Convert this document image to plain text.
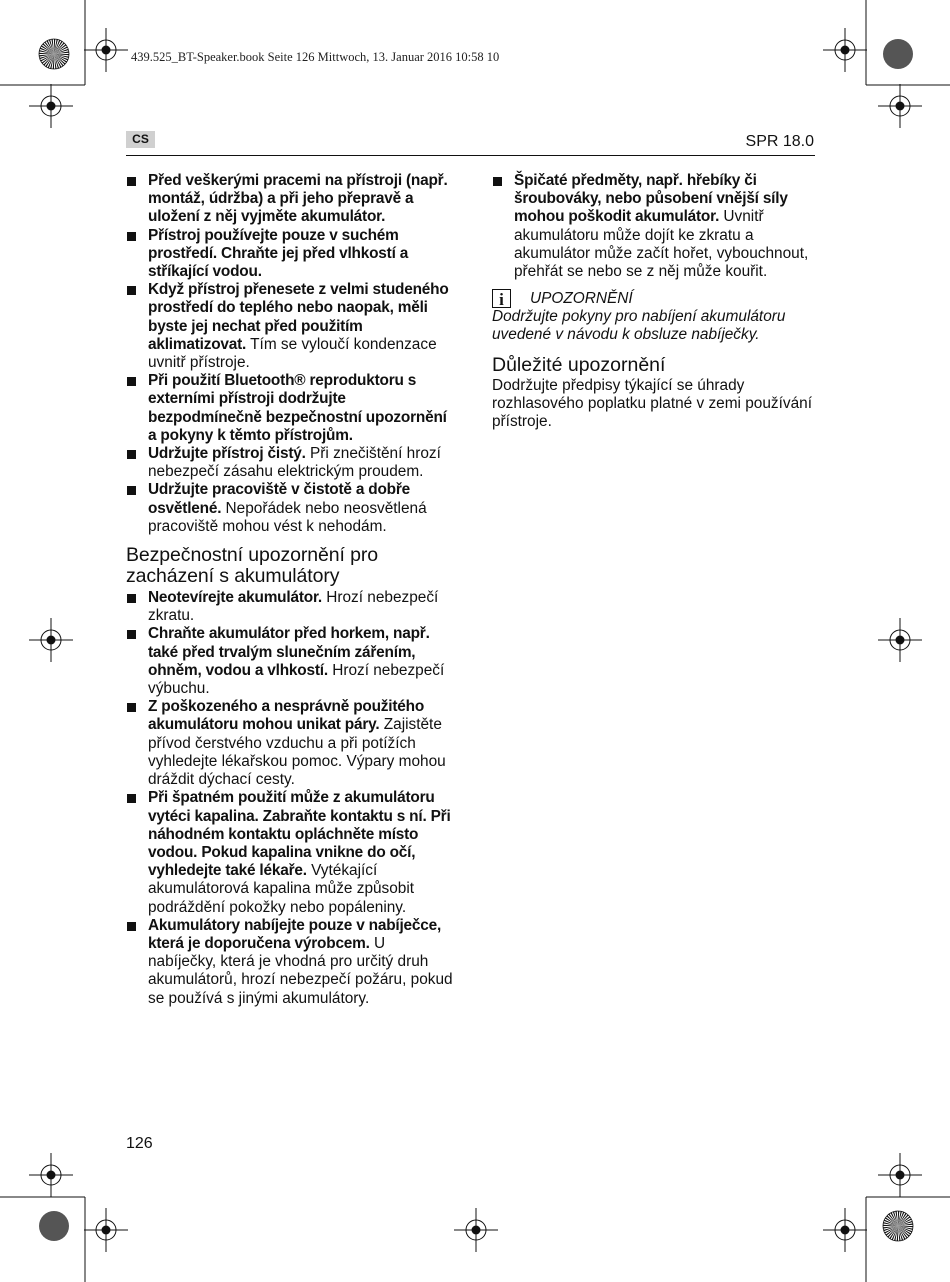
439.525_BT-Speaker.book Seite 126 Mittwoch, 13. Januar 2016 10:58 10
CS	SPR 18.0
Před veškerými pracemi na přístroji (např. montáž, údržba) a při jeho přepravě a uložení z něj vyjměte akumulátor.
Přístroj používejte pouze v suchém prostředí. Chraňte jej před vlhkostí a stříkající vodou.
Když přístroj přenesete z velmi studeného prostředí do teplého nebo naopak, měli byste jej nechat před použitím aklimatizovat. Tím se vyloučí kondenzace uvnitř přístroje.
Při použití Bluetooth® reproduktoru s externími přístroji dodržujte bezpodmínečně bezpečnostní upozornění a pokyny k těmto přístrojům.
Udržujte přístroj čistý. Při znečištění hrozí nebezpečí zásahu elektrickým proudem.
Udržujte pracoviště v čistotě a dobře osvětlené. Nepořádek nebo neosvětlená pracoviště mohou vést k nehodám.
Bezpečnostní upozornění pro zacházení s akumulátory
Neotevírejte akumulátor. Hrozí nebezpečí zkratu.
Chraňte akumulátor před horkem, např. také před trvalým slunečním zářením, ohněm, vodou a vlhkostí. Hrozí nebezpečí výbuchu.
Z poškozeného a nesprávně použitého akumulátoru mohou unikat páry. Zajistěte přívod čerstvého vzduchu a při potížích vyhledejte lékařskou pomoc. Výpary mohou dráždit dýchací cesty.
Při špatném použití může z akumulátoru vytéci kapalina. Zabraňte kontaktu s ní. Při náhodném kontaktu opláchněte místo vodou. Pokud kapalina vnikne do očí, vyhledejte také lékaře. Vytékající akumulátorová kapalina může způsobit podráždění pokožky nebo popáleniny.
Akumulátory nabíjejte pouze v nabíječce, která je doporučena výrobcem. U nabíječky, která je vhodná pro určitý druh akumulátorů, hrozí nebezpečí požáru, pokud se používá s jinými akumulátory.
Špičaté předměty, např. hřebíky či šroubováky, nebo působení vnější síly mohou poškodit akumulátor. Uvnitř akumulátoru může dojít ke zkratu a akumulátor může začít hořet, vybouchnout, přehřát se nebo se z něj může kouřit.
i	UPOZORNĚNÍ
Dodržujte pokyny pro nabíjení akumulátoru uvedené v návodu k obsluze nabíječky.
Důležité upozornění
Dodržujte předpisy týkající se úhrady rozhlasového poplatku platné v zemi používání přístroje.
126
